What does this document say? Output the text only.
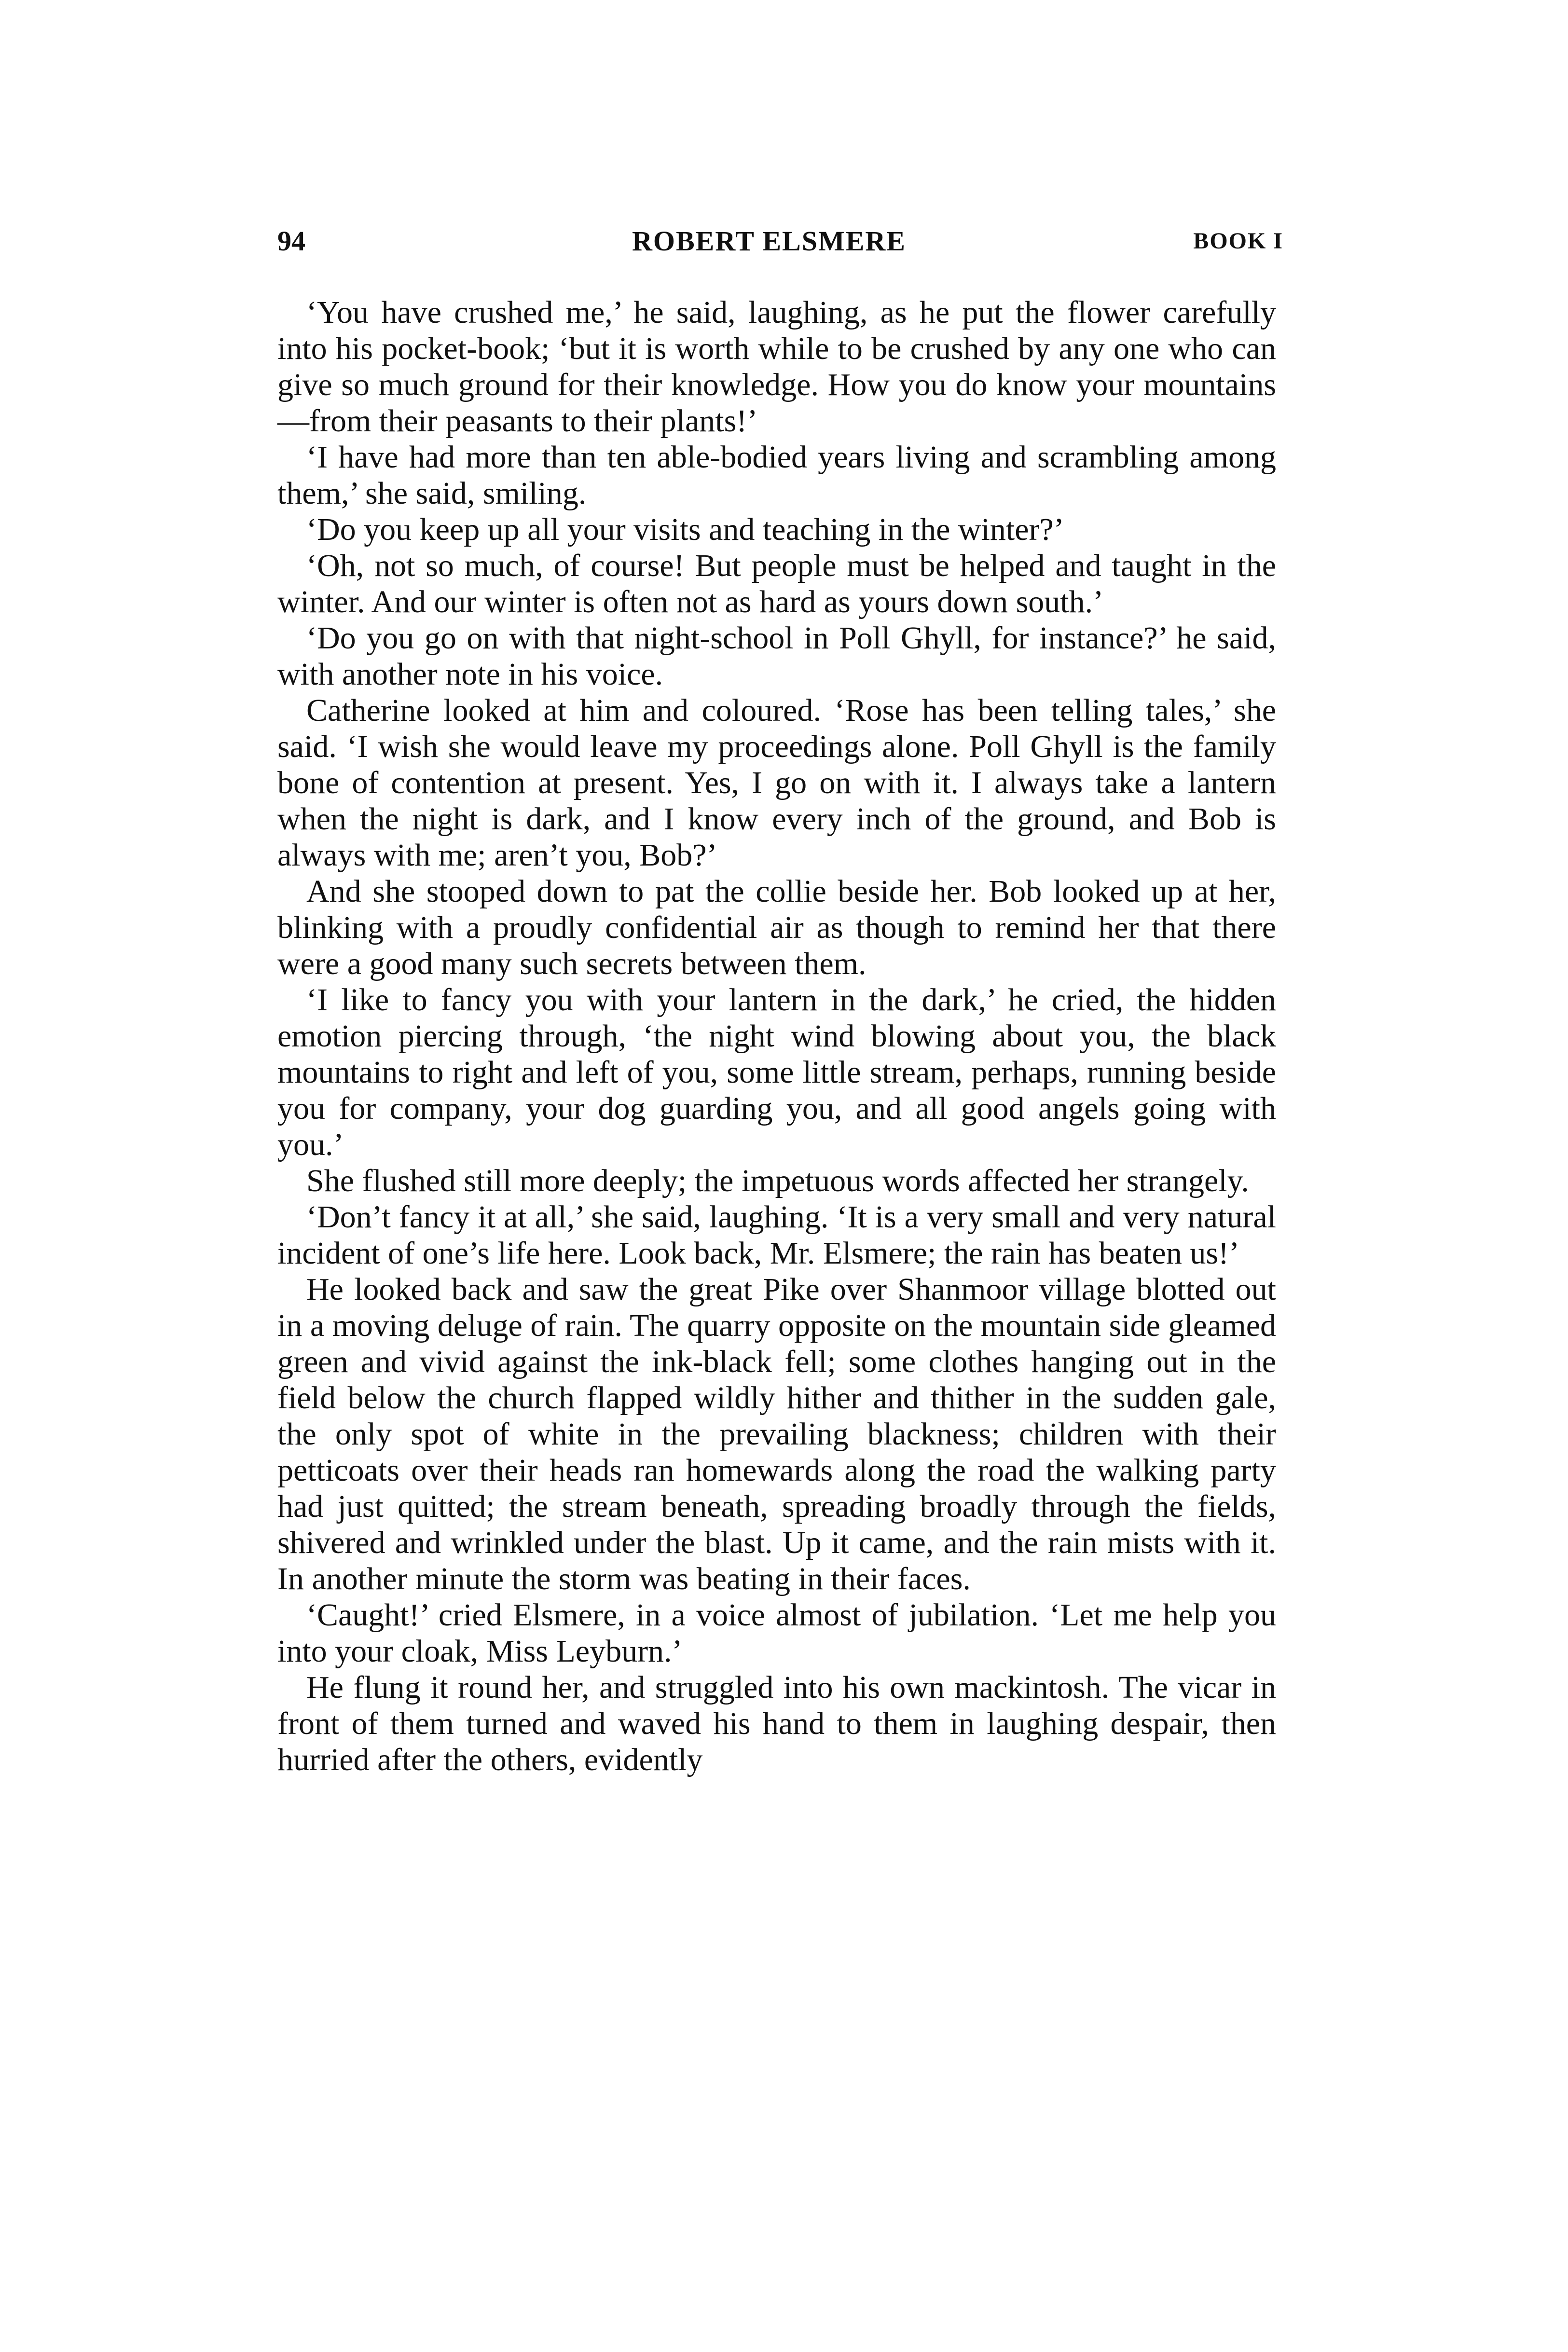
94	ROBERT ELSMERE	BOOK I

‘You have crushed me,’ he said, laughing, as he put the flower carefully into his pocket-book; ‘but it is worth while to be crushed by any one who can give so much ground for their knowledge. How you do know your mountains—from their peasants to their plants!’

‘I have had more than ten able-bodied years living and scrambling among them,’ she said, smiling.

‘Do you keep up all your visits and teaching in the winter?’

‘Oh, not so much, of course! But people must be helped and taught in the winter. And our winter is often not as hard as yours down south.’

‘Do you go on with that night-school in Poll Ghyll, for instance?’ he said, with another note in his voice.

Catherine looked at him and coloured. ‘Rose has been telling tales,’ she said. ‘I wish she would leave my proceedings alone. Poll Ghyll is the family bone of contention at present. Yes, I go on with it. I always take a lantern when the night is dark, and I know every inch of the ground, and Bob is always with me; aren’t you, Bob?’

And she stooped down to pat the collie beside her. Bob looked up at her, blinking with a proudly confidential air as though to remind her that there were a good many such secrets between them.

‘I like to fancy you with your lantern in the dark,’ he cried, the hidden emotion piercing through, ‘the night wind blowing about you, the black mountains to right and left of you, some little stream, perhaps, running beside you for company, your dog guarding you, and all good angels going with you.’

She flushed still more deeply; the impetuous words affected her strangely.

‘Don’t fancy it at all,’ she said, laughing. ‘It is a very small and very natural incident of one’s life here. Look back, Mr. Elsmere; the rain has beaten us!’

He looked back and saw the great Pike over Shanmoor village blotted out in a moving deluge of rain. The quarry opposite on the mountain side gleamed green and vivid against the ink-black fell; some clothes hanging out in the field below the church flapped wildly hither and thither in the sudden gale, the only spot of white in the prevailing blackness; children with their petticoats over their heads ran homewards along the road the walking party had just quitted; the stream beneath, spreading broadly through the fields, shivered and wrinkled under the blast. Up it came, and the rain mists with it. In another minute the storm was beating in their faces.

‘Caught!’ cried Elsmere, in a voice almost of jubilation. ‘Let me help you into your cloak, Miss Leyburn.’

He flung it round her, and struggled into his own mackintosh. The vicar in front of them turned and waved his hand to them in laughing despair, then hurried after the others, evidently
